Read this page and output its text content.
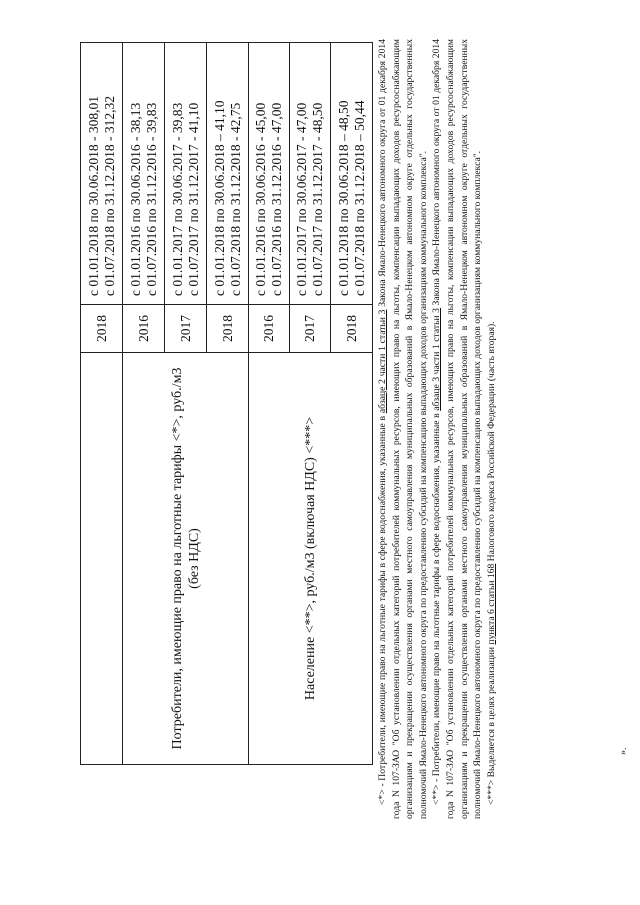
	2018	с 01.01.2018 по 30.06.2018 - 308,01 с 01.07.2018 по 31.12.2018 - 312,32

Потребители, имеющие право на льготные тарифы <*>, руб./м3 (без НДС)	2016	с 01.01.2016 по 30.06.2016 - 38,13 с 01.07.2016 по 31.12.2016 - 39,83

	2017	с 01.01.2017 по 30.06.2017 - 39,83 с 01.07.2017 по 31.12.2017 - 41,10

	2018	с 01.01.2018 по 30.06.2018 – 41,10 с 01.07.2018 по 31.12.2018 - 42,75

Население <**>, руб./м3 (включая НДС) <***>	2016	с 01.01.2016 по 30.06.2016 - 45,00 с 01.07.2016 по 31.12.2016 - 47,00

	2017	с 01.01.2017 по 30.06.2017 - 47,00 с 01.07.2017 по 31.12.2017 - 48,50

	2018	с 01.01.2018 по 30.06.2018 – 48,50 с 01.07.2018 по 31.12.2018 – 50,44

<*> - Потребители, имеющие право на льготные тарифы в сфере водоснабжения, указанные в абзаце 2 части 1 статьи 3 Закона Ямало-Ненецкого автономного округа от 01 декабря 2014 года N 107-ЗАО "Об установлении отдельных категорий потребителей коммунальных ресурсов, имеющих право на льготы, компенсации выпадающих доходов ресурсоснабжающим организациям и прекращении осуществления органами местного самоуправления муниципальных образований в Ямало-Ненецком автономном округе отдельных государственных полномочий Ямало-Ненецкого автономного округа по предоставлению субсидий на компенсацию выпадающих доходов организациям коммунального комплекса". <**> - Потребители, имеющие право на льготные тарифы в сфере водоснабжения, указанные в абзаце 3 части 1 статьи 3 Закона Ямало-Ненецкого автономного округа от 01 декабря 2014 года N 107-ЗАО "Об установлении отдельных категорий потребителей коммунальных ресурсов, имеющих право на льготы, компенсации выпадающих доходов ресурсоснабжающим организациям и прекращении осуществления органами местного самоуправления муниципальных образований в Ямало-Ненецком автономном округе отдельных государственных полномочий Ямало-Ненецкого автономного округа по предоставлению субсидий на компенсацию выпадающих доходов организациям коммунального комплекса". <***> Выделяется в целях реализации пункта 6 статьи 168 Налогового кодекса Российской Федерации (часть вторая).

».
